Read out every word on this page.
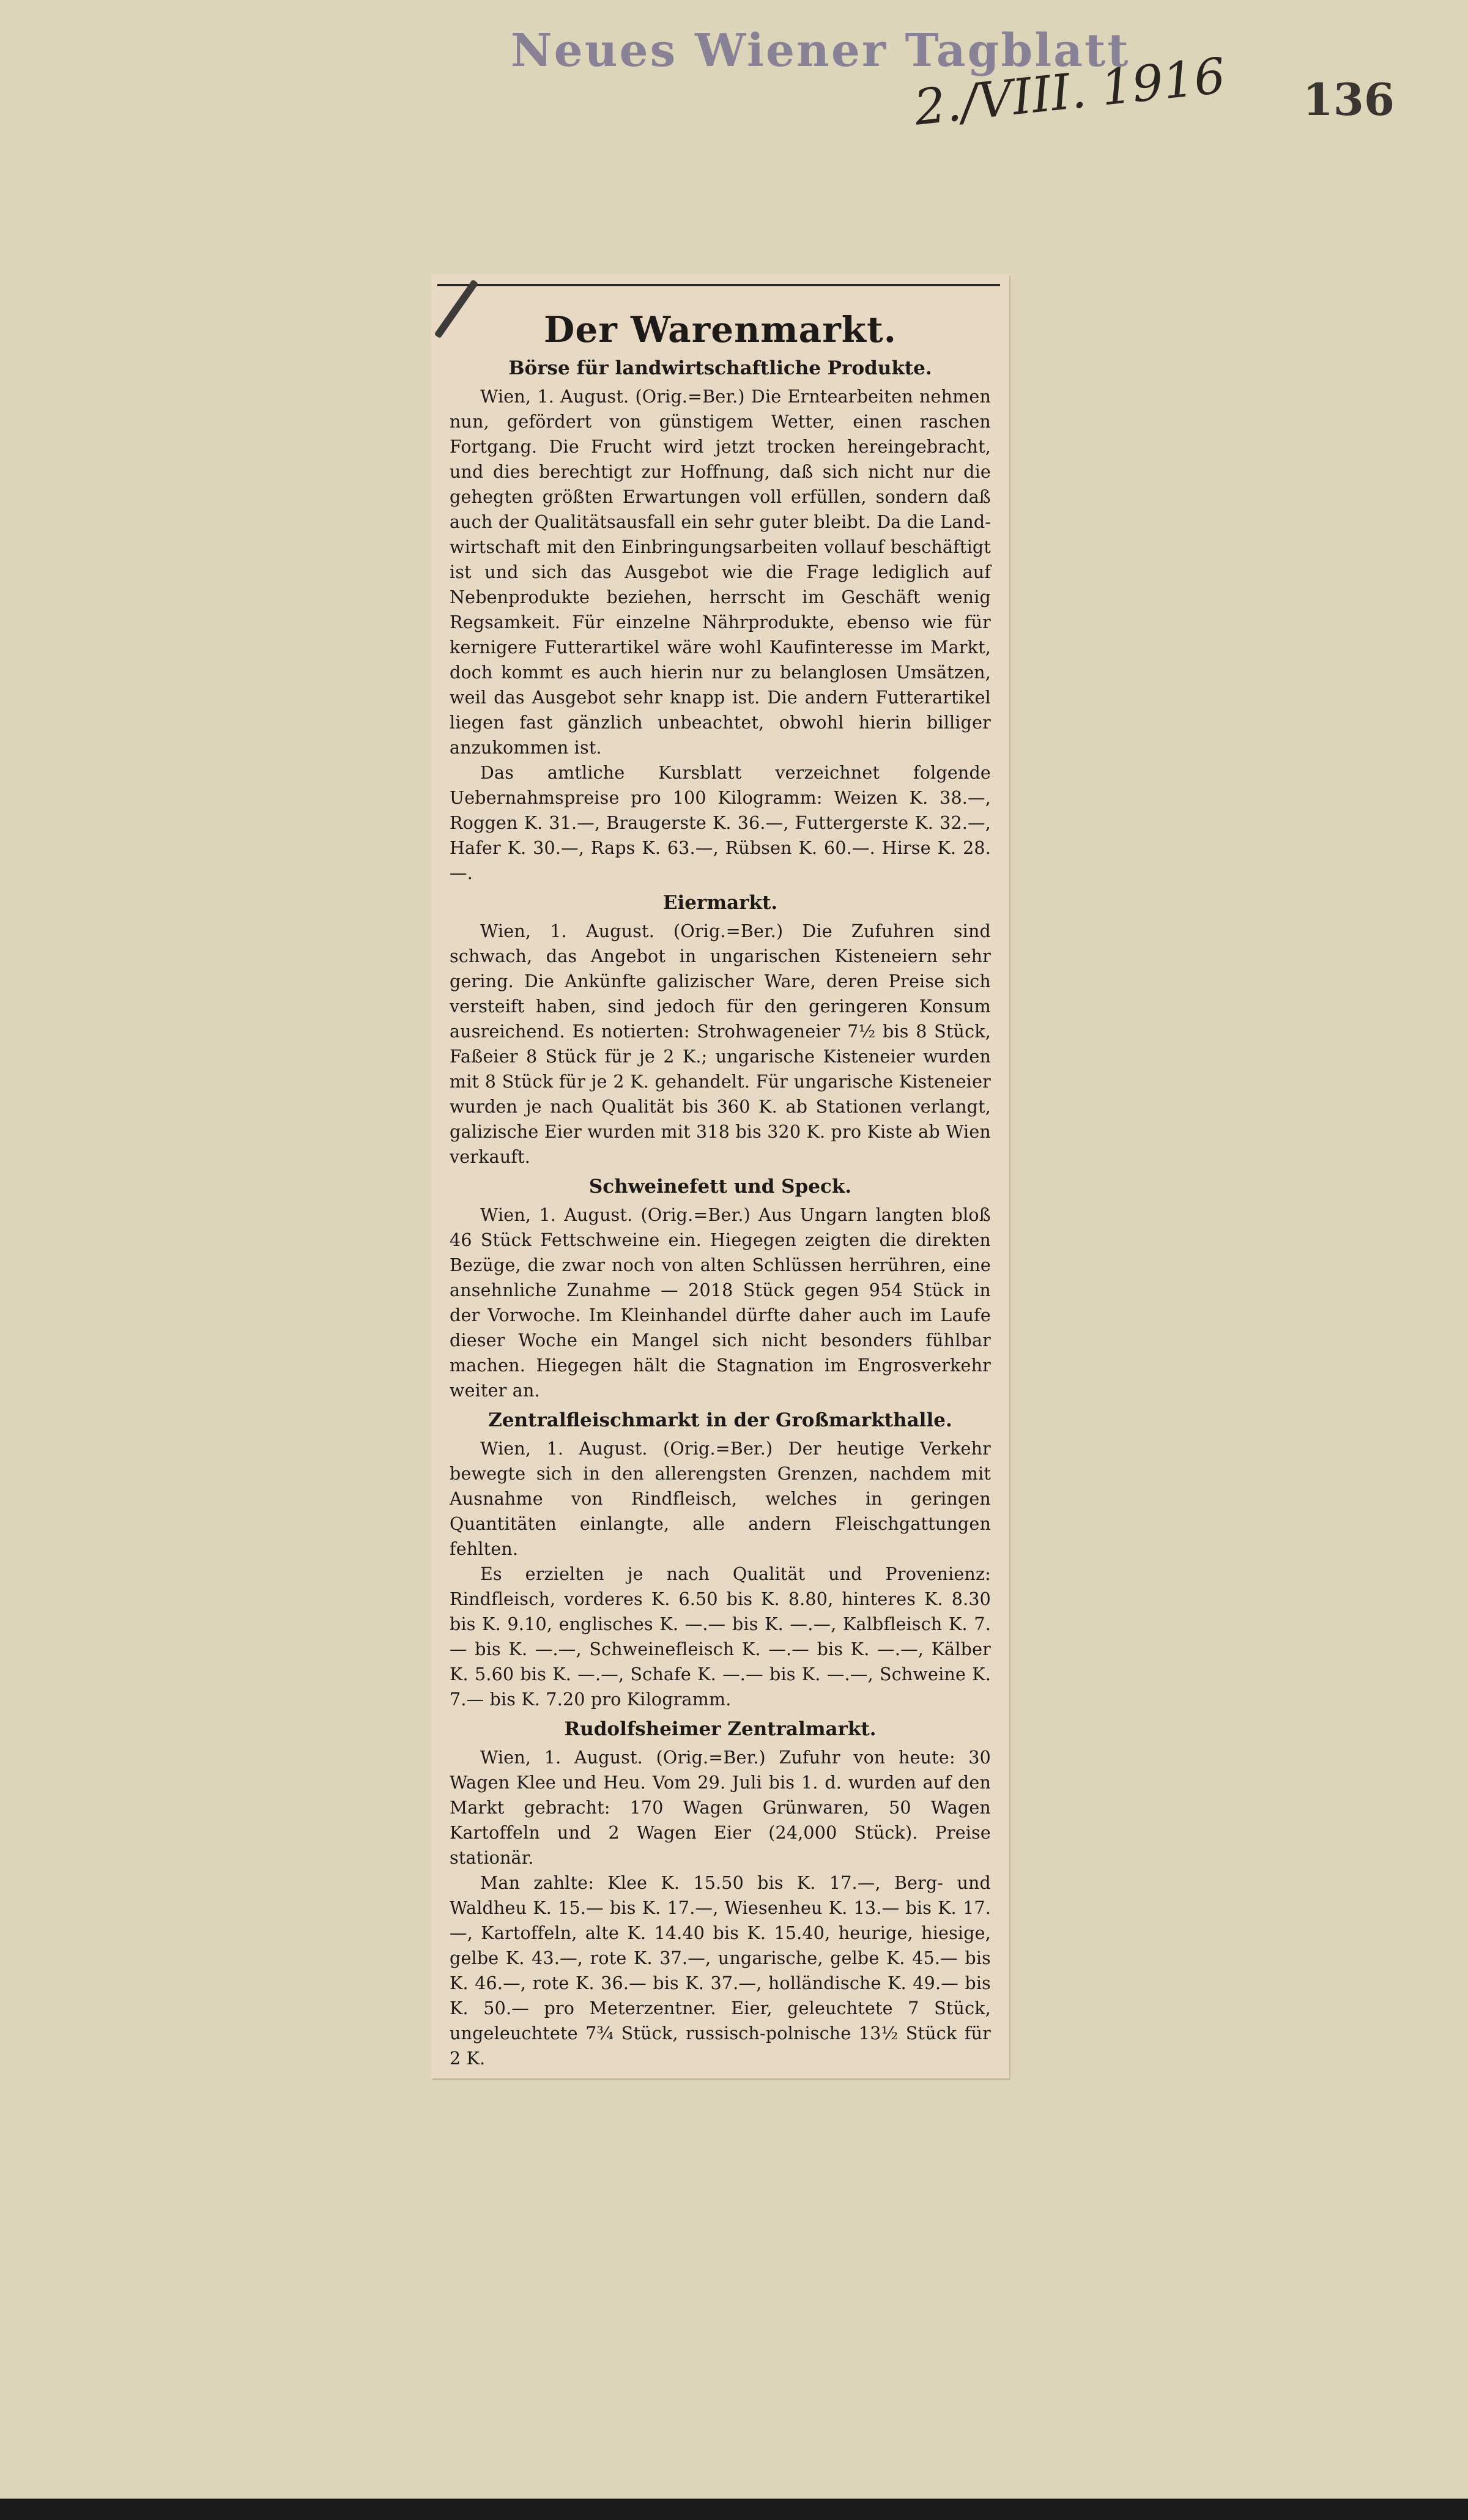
Neues Wiener Tagblatt
2./VIII. 1916 136
Der Warenmarkt.
Börse für landwirtschaftliche Produkte.

Wien, 1. August. (Orig.=Ber.) Die Erntearbeiten nehmen nun, gefördert von günstigem Wetter, einen raschen Fortgang. Die Frucht wird jetzt trocken hereingebracht, und dies berechtigt zur Hoffnung, daß sich nicht nur die gehegten größten Erwartungen voll erfüllen, sondern daß auch der Qualitätsausfall ein sehr guter bleibt. Da die Landwirtschaft mit den Einbringungsarbeiten vollauf beschäftigt ist und sich das Ausgebot wie die Frage lediglich auf Nebenprodukte beziehen, herrscht im Geschäft wenig Regsamkeit. Für einzelne Nährprodukte, ebenso wie für kernigere Futterartikel wäre wohl Kaufinteresse im Markt, doch kommt es auch hierin nur zu belanglosen Umsätzen, weil das Ausgebot sehr knapp ist. Die andern Futterartikel liegen fast gänzlich unbeachtet, obwohl hierin billiger anzukommen ist.

Das amtliche Kursblatt verzeichnet folgende Uebernahmspreise pro 100 Kilogramm: Weizen K. 38.—, Roggen K. 31.—, Braugerste K. 36.—, Futtergerste K. 32.—, Hafer K. 30.—, Raps K. 63.—, Rübsen K. 60.—. Hirse K. 28.—.

Eiermarkt.

Wien, 1. August. (Orig.=Ber.) Die Zufuhren sind schwach, das Angebot in ungarischen Kisteneiern sehr gering. Die Ankünfte galizischer Ware, deren Preise sich versteift haben, sind jedoch für den geringeren Konsum ausreichend. Es notierten: Strohwageneier 7½ bis 8 Stück, Faßeier 8 Stück für je 2 K.; ungarische Kisteneier wurden mit 8 Stück für je 2 K. gehandelt. Für ungarische Kisteneier wurden je nach Qualität bis 360 K. ab Stationen verlangt, galizische Eier wurden mit 318 bis 320 K. pro Kiste ab Wien verkauft.

Schweinefett und Speck.

Wien, 1. August. (Orig.=Ber.) Aus Ungarn langten bloß 46 Stück Fettschweine ein. Hiegegen zeigten die direkten Bezüge, die zwar noch von alten Schlüssen herrühren, eine ansehnliche Zunahme — 2018 Stück gegen 954 Stück in der Vorwoche. Im Kleinhandel dürfte daher auch im Laufe dieser Woche ein Mangel sich nicht besonders fühlbar machen. Hiegegen hält die Stagnation im Engrosverkehr weiter an.

Zentralfleischmarkt in der Großmarkthalle.

Wien, 1. August. (Orig.=Ber.) Der heutige Verkehr bewegte sich in den allerengsten Grenzen, nachdem mit Ausnahme von Rindfleisch, welches in geringen Quantitäten einlangte, alle andern Fleischgattungen fehlten.

Es erzielten je nach Qualität und Provenienz: Rindfleisch, vorderes K. 6.50 bis K. 8.80, hinteres K. 8.30 bis K. 9.10, englisches K. —.— bis K. —.—, Kalbfleisch K. 7.— bis K. —.—, Schweinefleisch K. —.— bis K. —.—, Kälber K. 5.60 bis K. —.—, Schafe K. —.— bis K. —.—, Schweine K. 7.— bis K. 7.20 pro Kilogramm.

Rudolfsheimer Zentralmarkt.

Wien, 1. August. (Orig.=Ber.) Zufuhr von heute: 30 Wagen Klee und Heu. Vom 29. Juli bis 1. d. wurden auf den Markt gebracht: 170 Wagen Grünwaren, 50 Wagen Kartoffeln und 2 Wagen Eier (24,000 Stück). Preise stationär.

Man zahlte: Klee K. 15.50 bis K. 17.—, Berg- und Waldheu K. 15.— bis K. 17.—, Wiesenheu K. 13.— bis K. 17.—, Kartoffeln, alte K. 14.40 bis K. 15.40, heurige, hiesige, gelbe K. 43.—, rote K. 37.—, ungarische, gelbe K. 45.— bis K. 46.—, rote K. 36.— bis K. 37.—, holländische K. 49.— bis K. 50.— pro Meterzentner. Eier, geleuchtete 7 Stück, ungeleuchtete 7¾ Stück, russisch-polnische 13½ Stück für 2 K.
